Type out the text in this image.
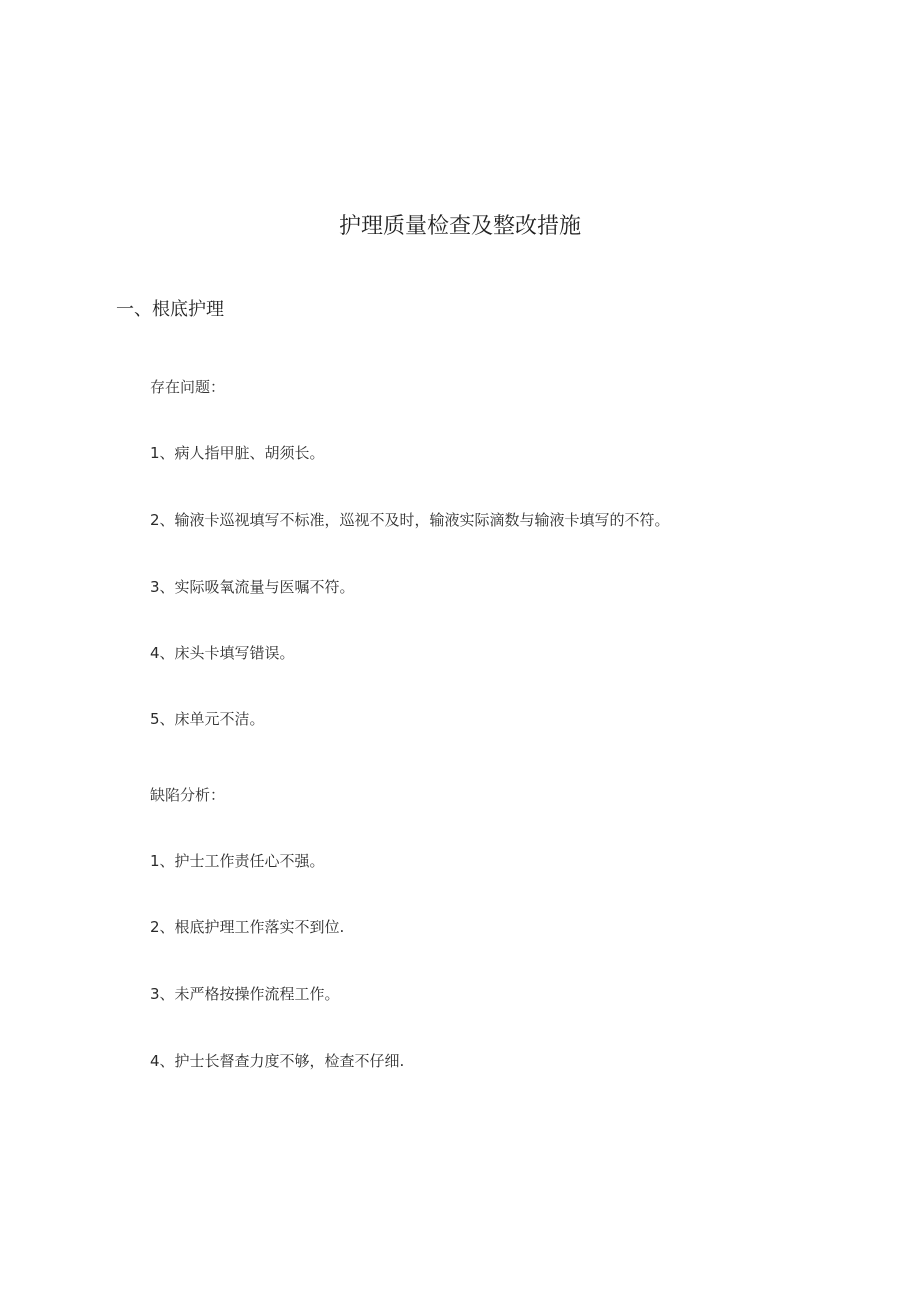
护理质量检查及整改措施
一、根底护理

存在问题：

1、病人指甲脏、胡须长。

2、输液卡巡视填写不标准，巡视不及时，输液实际滴数与输液卡填写的不符。

3、实际吸氧流量与医嘱不符。

4、床头卡填写错误。

5、床单元不洁。

缺陷分析：

1、护士工作责任心不强。

2、根底护理工作落实不到位.

3、未严格按操作流程工作。

4、护士长督查力度不够，检查不仔细.
